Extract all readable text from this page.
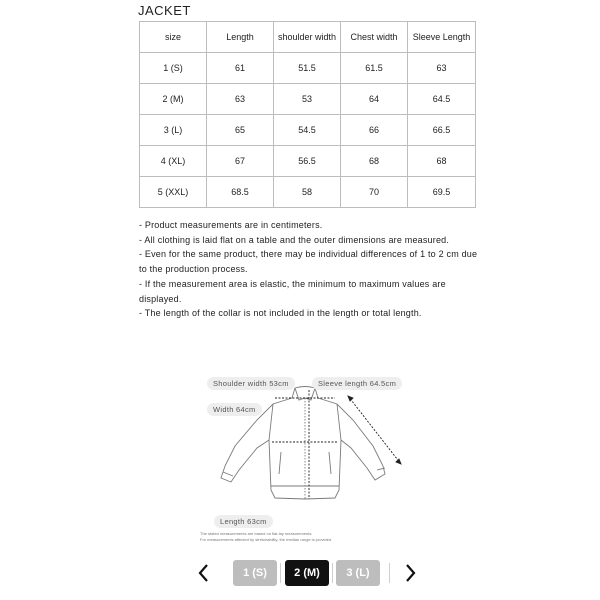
JACKET
size	Length	shoulder width	Chest width	Sleeve Length
1 (S)	61	51.5	61.5	63
2 (M)	63	53	64	64.5
3 (L)	65	54.5	66	66.5
4 (XL)	67	56.5	68	68
5 (XXL)	68.5	58	70	69.5

- Product measurements are in centimeters.

- All clothing is laid flat on a table and the outer dimensions are measured.

- Even for the same product, there may be individual differences of 1 to 2 cm due to the production process.

- If the measurement area is elastic, the minimum to maximum values are displayed.

- The length of the collar is not included in the length or total length.

Shoulder width 53cm	Sleeve length 64.5cm
Width 64cm
Length 63cm
The stated measurements are based on flat-lay measurements.
For measurements affected by stretchability, the median range is provided.
1 (S)	2 (M)	3 (L)
